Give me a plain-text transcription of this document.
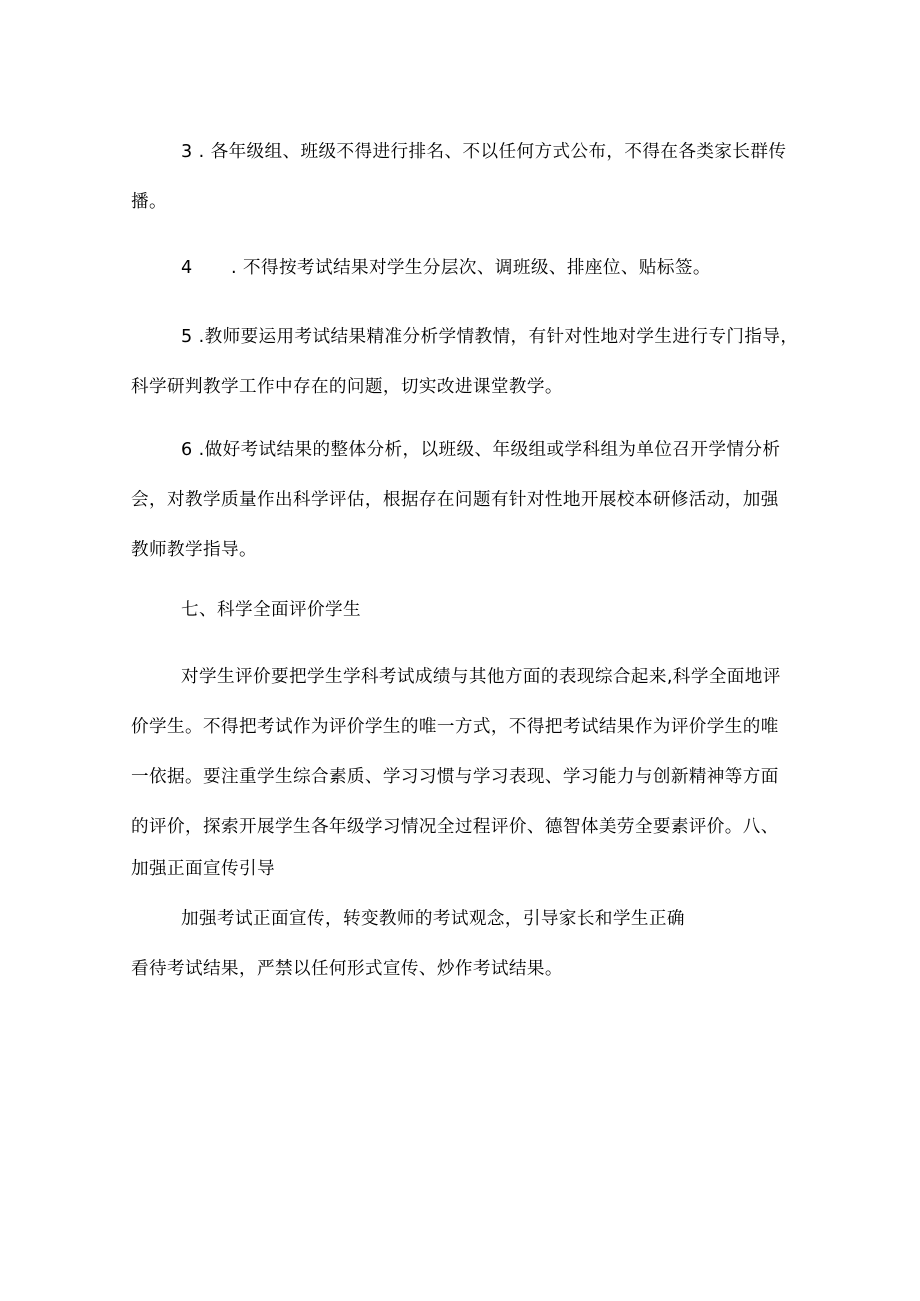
3 . 各年级组、班级不得进行排名、不以任何方式公布，不得在各类家长群传
播。
4 . 不得按考试结果对学生分层次、调班级、排座位、贴标签。
5 .教师要运用考试结果精准分析学情教情，有针对性地对学生进行专门指导，
科学研判教学工作中存在的问题，切实改进课堂教学。
6 .做好考试结果的整体分析，以班级、年级组或学科组为单位召开学情分析
会，对教学质量作出科学评估，根据存在问题有针对性地开展校本研修活动，加强
教师教学指导。
七、科学全面评价学生
对学生评价要把学生学科考试成绩与其他方面的表现综合起来,科学全面地评
价学生。不得把考试作为评价学生的唯一方式，不得把考试结果作为评价学生的唯
一依据。要注重学生综合素质、学习习惯与学习表现、学习能力与创新精神等方面
的评价，探索开展学生各年级学习情况全过程评价、德智体美劳全要素评价。八、
加强正面宣传引导
加强考试正面宣传，转变教师的考试观念，引导家长和学生正确
看待考试结果，严禁以任何形式宣传、炒作考试结果。
